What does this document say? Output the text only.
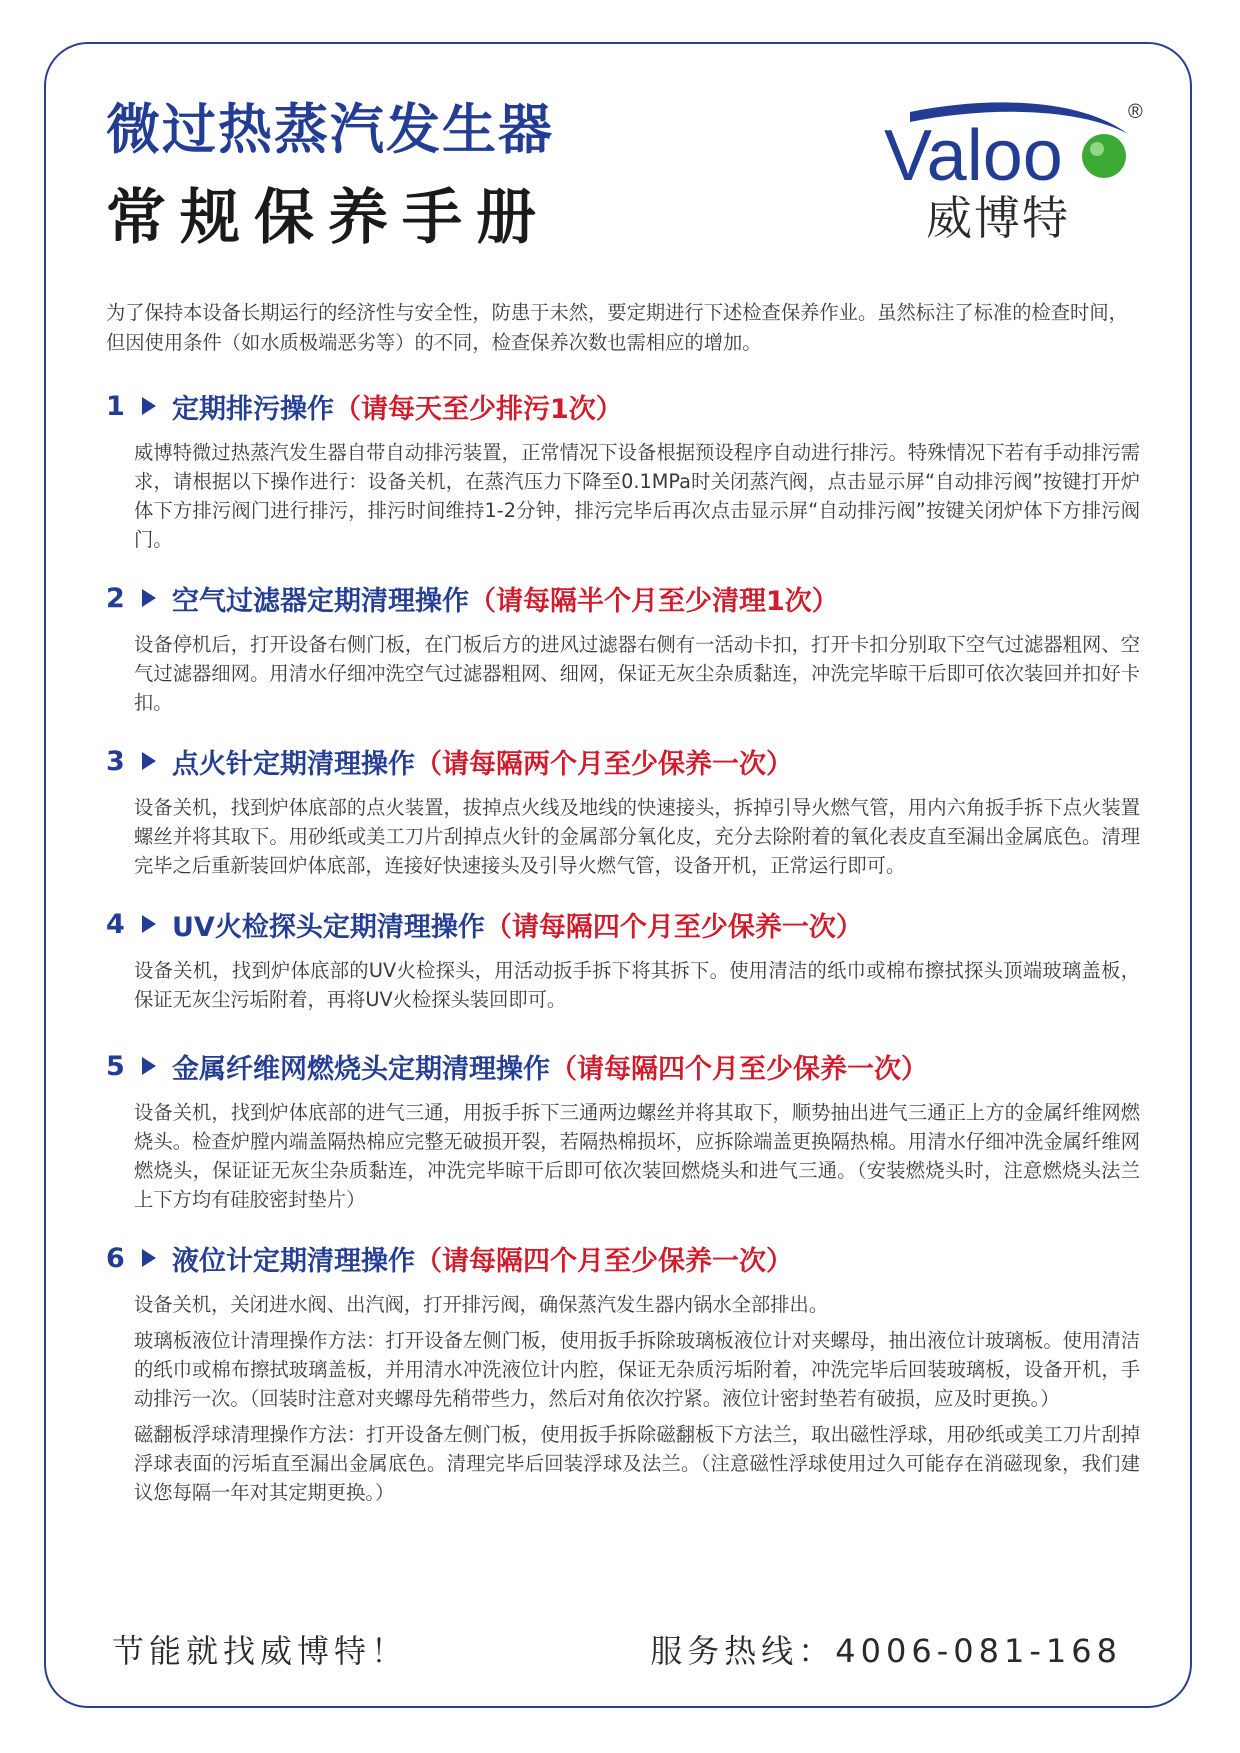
微过热蒸汽发生器
常规保养手册
Valoo
®

威博特

为了保持本设备长期运行的经济性与安全性，防患于未然，要定期进行下述检查保养作业。虽然标注了标准的检查时间，但因使用条件（如水质极端恶劣等）的不同，检查保养次数也需相应的增加。

1 定期排污操作 （请每天至少排污1次）

威博特微过热蒸汽发生器自带自动排污装置，正常情况下设备根据预设程序自动进行排污。特殊情况下若有手动排污需求，请根据以下操作进行：设备关机，在蒸汽压力下降至0.1MPa时关闭蒸汽阀，点击显示屏“自动排污阀”按键打开炉体下方排污阀门进行排污，排污时间维持1-2分钟，排污完毕后再次点击显示屏“自动排污阀”按键关闭炉体下方排污阀门。

2 空气过滤器定期清理操作 （请每隔半个月至少清理1次）

设备停机后，打开设备右侧门板，在门板后方的进风过滤器右侧有一活动卡扣，打开卡扣分别取下空气过滤器粗网、空气过滤器细网。用清水仔细冲洗空气过滤器粗网、细网，保证无灰尘杂质黏连，冲洗完毕晾干后即可依次装回并扣好卡扣。

3 点火针定期清理操作 （请每隔两个月至少保养一次）

设备关机，找到炉体底部的点火装置，拔掉点火线及地线的快速接头，拆掉引导火燃气管，用内六角扳手拆下点火装置螺丝并将其取下。用砂纸或美工刀片刮掉点火针的金属部分氧化皮，充分去除附着的氧化表皮直至漏出金属底色。清理完毕之后重新装回炉体底部，连接好快速接头及引导火燃气管，设备开机，正常运行即可。

4 UV火检探头定期清理操作 （请每隔四个月至少保养一次）

设备关机，找到炉体底部的UV火检探头，用活动扳手拆下将其拆下。使用清洁的纸巾或棉布擦拭探头顶端玻璃盖板，保证无灰尘污垢附着，再将UV火检探头装回即可。

5 金属纤维网燃烧头定期清理操作 （请每隔四个月至少保养一次）

设备关机，找到炉体底部的进气三通，用扳手拆下三通两边螺丝并将其取下，顺势抽出进气三通正上方的金属纤维网燃烧头。检查炉膛内端盖隔热棉应完整无破损开裂，若隔热棉损坏，应拆除端盖更换隔热棉。用清水仔细冲洗金属纤维网燃烧头，保证证无灰尘杂质黏连，冲洗完毕晾干后即可依次装回燃烧头和进气三通。（安装燃烧头时，注意燃烧头法兰上下方均有硅胶密封垫片）

6 液位计定期清理操作 （请每隔四个月至少保养一次）

设备关机，关闭进水阀、出汽阀，打开排污阀，确保蒸汽发生器内锅水全部排出。

玻璃板液位计清理操作方法：打开设备左侧门板，使用扳手拆除玻璃板液位计对夹螺母，抽出液位计玻璃板。使用清洁的纸巾或棉布擦拭玻璃盖板，并用清水冲洗液位计内腔，保证无杂质污垢附着，冲洗完毕后回装玻璃板，设备开机，手动排污一次。（回装时注意对夹螺母先稍带些力，然后对角依次拧紧。液位计密封垫若有破损，应及时更换。）

磁翻板浮球清理操作方法：打开设备左侧门板，使用扳手拆除磁翻板下方法兰，取出磁性浮球，用砂纸或美工刀片刮掉浮球表面的污垢直至漏出金属底色。清理完毕后回装浮球及法兰。（注意磁性浮球使用过久可能存在消磁现象，我们建议您每隔一年对其定期更换。）

节能就找威博特！	服务热线：4006-081-168
